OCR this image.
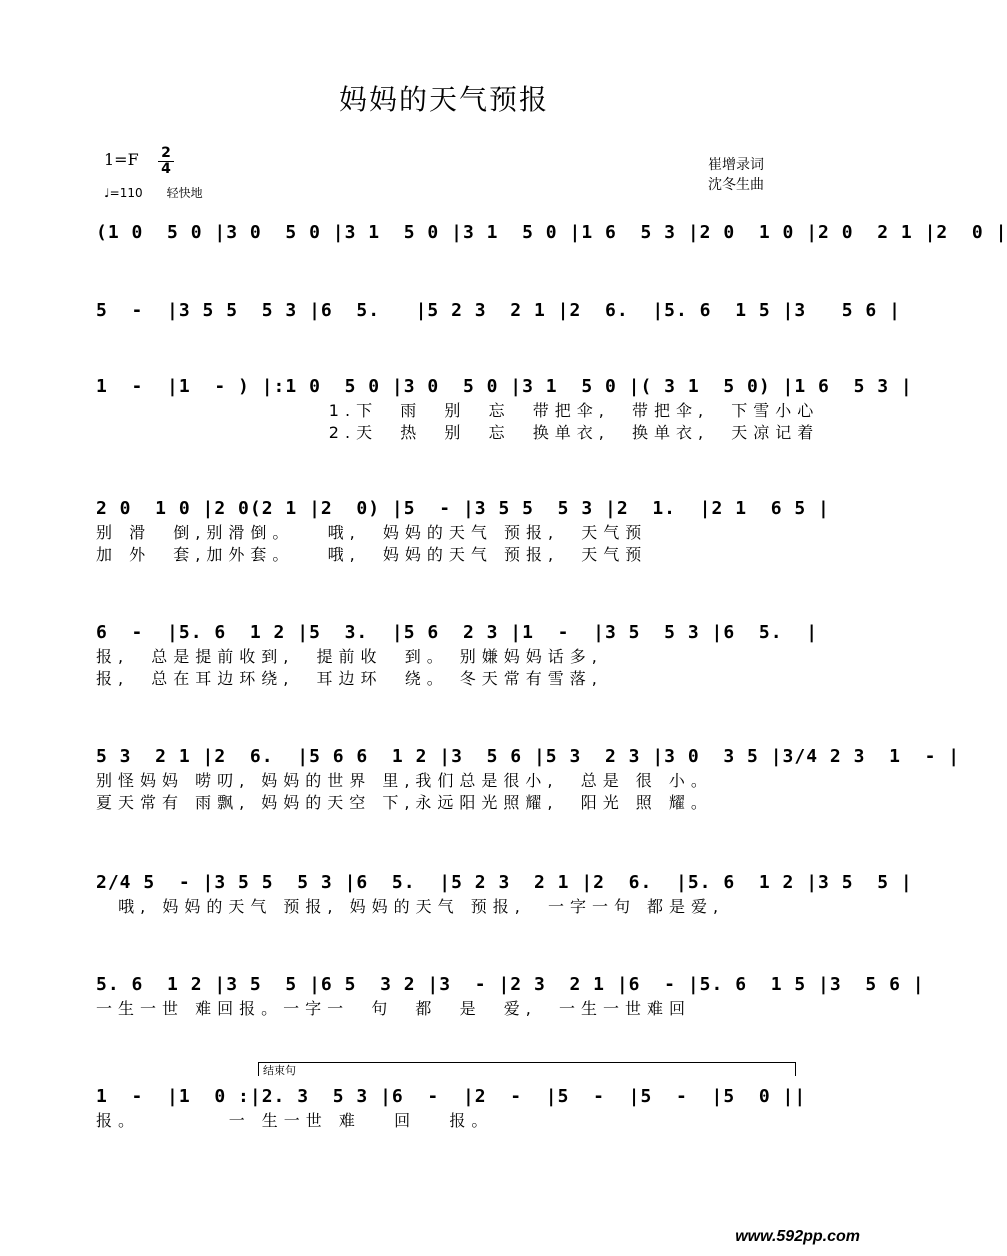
妈妈的天气预报
1=F 2
4
♩=110　　轻快地
崔增录词
沈冬生曲
(1 0  5 0 |3 0  5 0 |3 1  5 0 |3 1  5 0 |1 6  5 3 |2 0  1 0 |2 0  2 1 |2  0 |
5  -  |3 5 5  5 3 |6  5.   |5 2 3  2 1 |2  6.  |5. 6  1 5 |3   5 6 |
1  -  |1  - ) |:1 0  5 0 |3 0  5 0 |3 1  5 0 |( 3 1  5 0) |1 6  5 3 |
1.下  雨  别  忘  带把伞,  带把伞,  下雪小心
2.天  热  别  忘  换单衣,  换单衣,  天凉记着
2 0  1 0 |2 0(2 1 |2  0) |5  - |3 5 5  5 3 |2  1.  |2 1  6 5 |
别 滑  倒,别滑倒。   哦,  妈妈的天气 预报,  天气预
加 外  套,加外套。   哦,  妈妈的天气 预报,  天气预
6  -  |5. 6  1 2 |5  3.  |5 6  2 3 |1  -  |3 5  5 3 |6  5.  |
报,  总是提前收到,  提前收  到。 别嫌妈妈话多,
报,  总在耳边环绕,  耳边环  绕。 冬天常有雪落,
5 3  2 1 |2  6.  |5 6 6  1 2 |3  5 6 |5 3  2 3 |3 0  3 5 |3/4 2 3  1  - |
别怪妈妈 唠叨, 妈妈的世界 里,我们总是很小,  总是 很 小。
夏天常有 雨飘, 妈妈的天空 下,永远阳光照耀,  阳光 照 耀。
2/4 5  - |3 5 5  5 3 |6  5.  |5 2 3  2 1 |2  6.  |5. 6  1 2 |3 5  5 |
哦, 妈妈的天气 预报, 妈妈的天气 预报,  一字一句 都是爱,
5. 6  1 2 |3 5  5 |6 5  3 2 |3  - |2 3  2 1 |6  - |5. 6  1 5 |3  5 6 |
一生一世 难回报。一字一  句  都  是  爱,  一生一世难回
结束句
1  -  |1  0 :|2. 3  5 3 |6  -  |2  -  |5  -  |5  -  |5  0 ||
报。        一 生一世 难   回   报。
www.592pp.com
